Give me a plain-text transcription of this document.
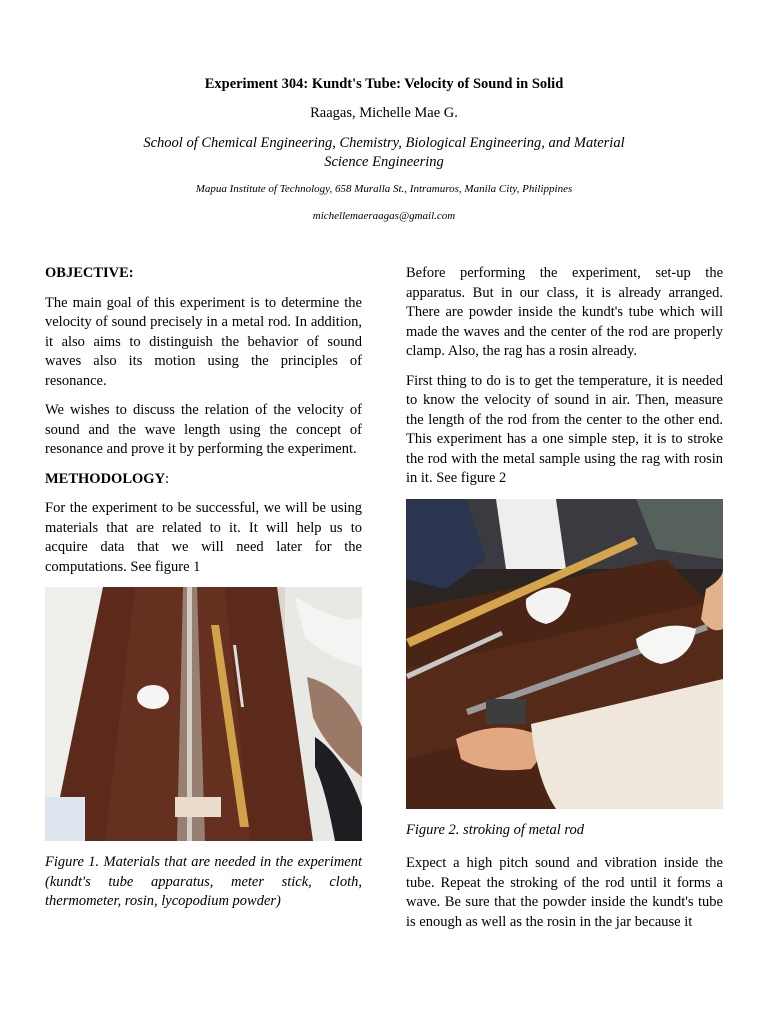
Experiment 304: Kundt's Tube: Velocity of Sound in Solid
Raagas, Michelle Mae G.
School of Chemical Engineering, Chemistry, Biological Engineering, and Material Science Engineering
Mapua Institute of Technology, 658 Muralla St., Intramuros, Manila City, Philippines
michellemaeraagas@gmail.com
OBJECTIVE:

The main goal of this experiment is to determine the velocity of sound precisely in a metal rod. In addition, it also aims to distinguish the behavior of sound waves also its motion using the principles of resonance.

We wishes to discuss the relation of the velocity of sound and the wave length using the concept of resonance and prove it by performing the experiment.

METHODOLOGY:

For the experiment to be successful, we will be using materials that are related to it. It will help us to acquire data that we will need later for the computations. See figure 1

Figure 1. Materials that are needed in the experiment (kundt's tube apparatus, meter stick, cloth, thermometer, rosin, lycopodium powder)

Before performing the experiment, set-up the apparatus. But in our class, it is already arranged. There are powder inside the kundt's tube which will made the waves and the center of the rod are properly clamp. Also, the rag has a rosin already.

First thing to do is to get the temperature, it is needed to know the velocity of sound in air. Then, measure the length of the rod from the center to the other end. This experiment has a one simple step, it is to stroke the rod with the metal sample using the rag with rosin in it. See figure 2

Figure 2. stroking of metal rod

Expect a high pitch sound and vibration inside the tube. Repeat the stroking of the rod until it forms a wave. Be sure that the powder inside the kundt's tube is enough as well as the rosin in the jar because it
